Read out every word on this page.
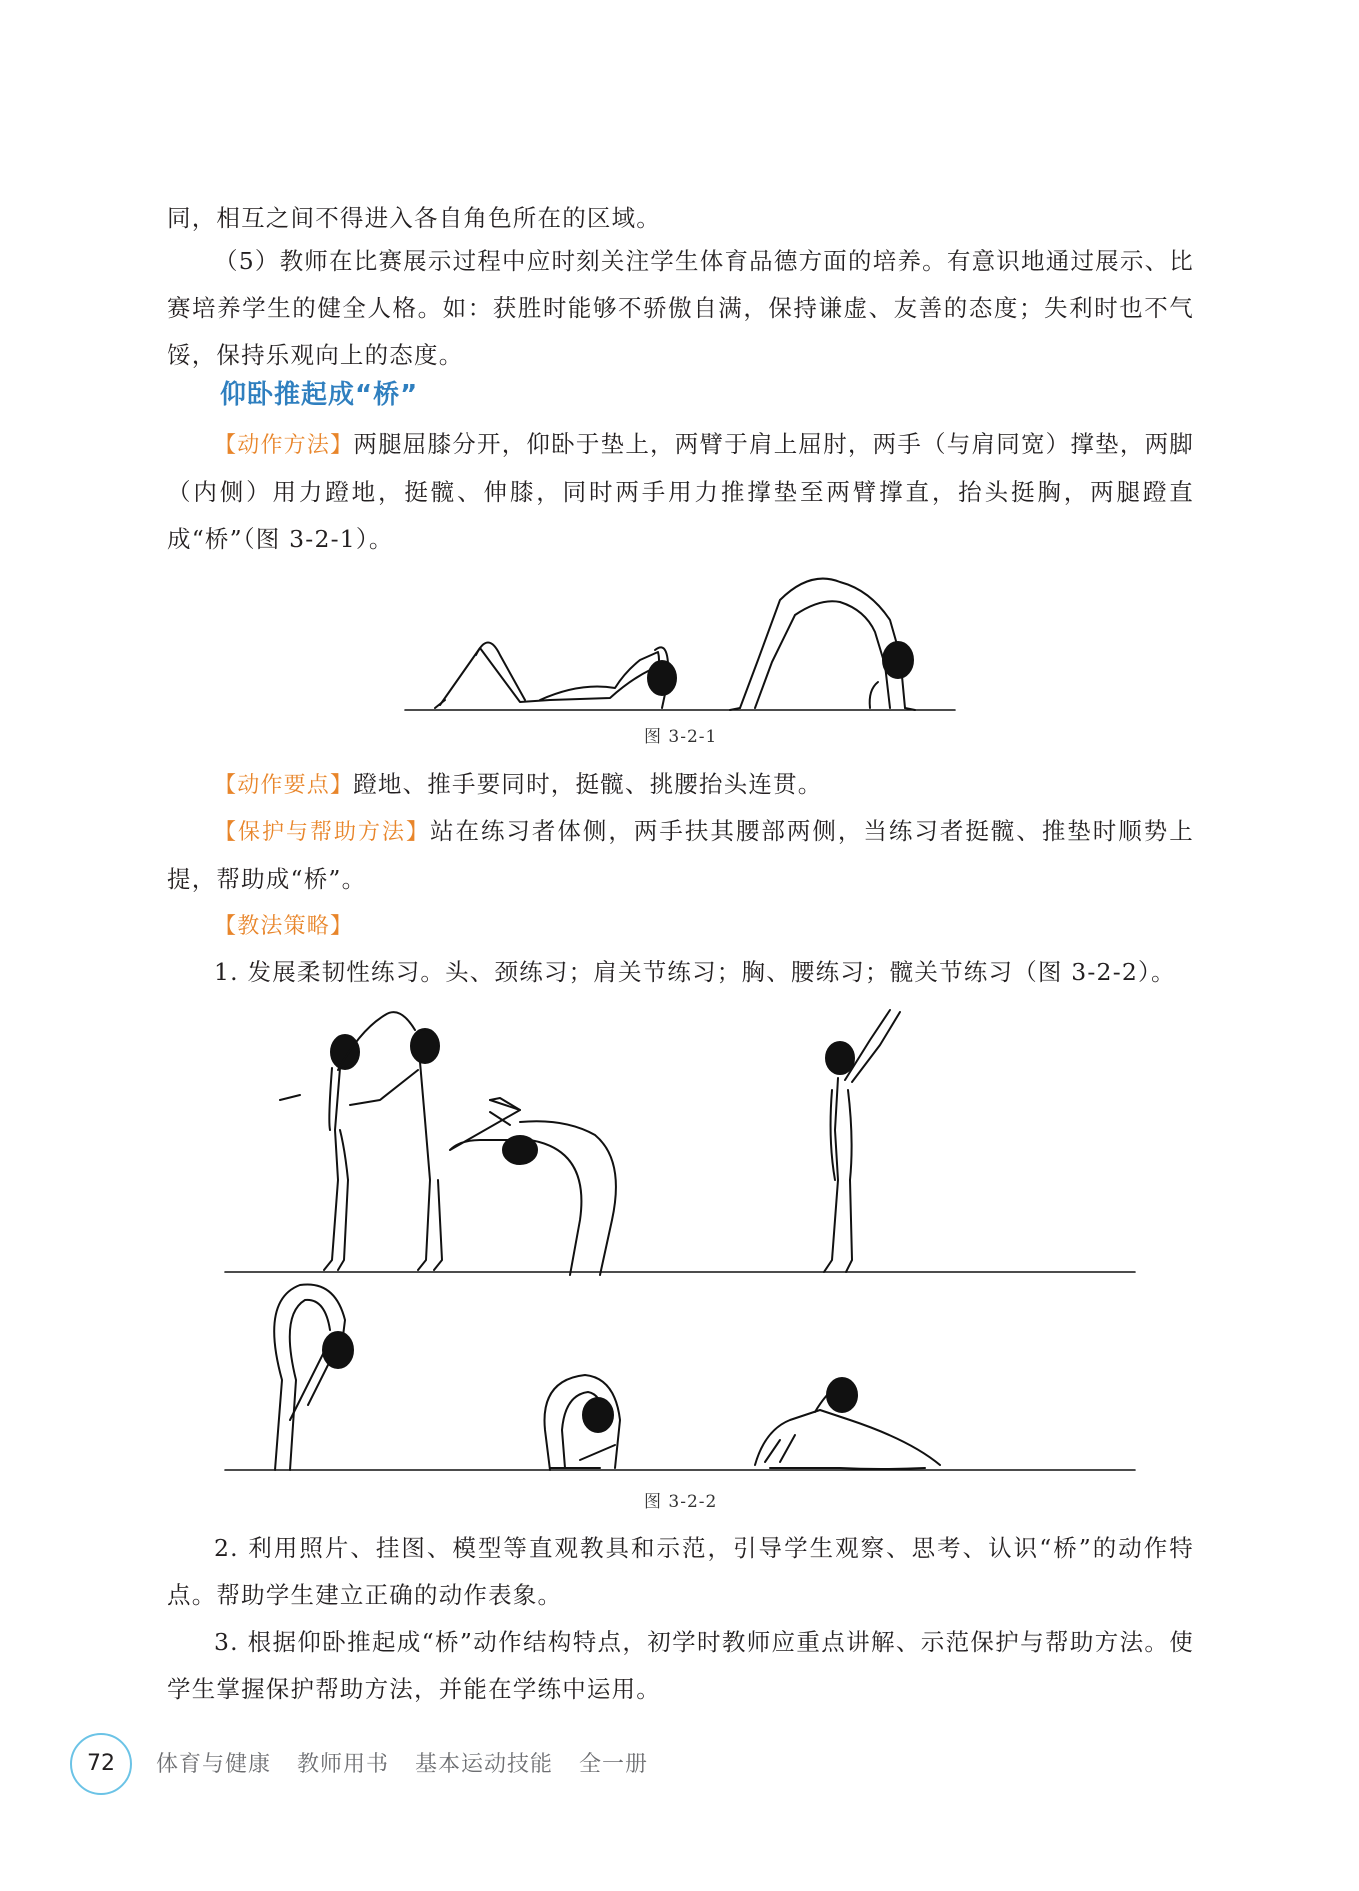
同，相互之间不得进入各自角色所在的区域。

（5）教师在比赛展示过程中应时刻关注学生体育品德方面的培养。有意识地通过展示、比赛培养学生的健全人格。如：获胜时能够不骄傲自满，保持谦虚、友善的态度；失利时也不气馁，保持乐观向上的态度。

仰卧推起成“桥”

【动作方法】两腿屈膝分开，仰卧于垫上，两臂于肩上屈肘，两手（与肩同宽）撑垫，两脚（内侧）用力蹬地，挺髋、伸膝，同时两手用力推撑垫至两臂撑直，抬头挺胸，两腿蹬直成“桥”（图 3-2-1）。

图 3-2-1

【动作要点】蹬地、推手要同时，挺髋、挑腰抬头连贯。

【保护与帮助方法】站在练习者体侧，两手扶其腰部两侧，当练习者挺髋、推垫时顺势上提，帮助成“桥”。

【教法策略】

1. 发展柔韧性练习。头、颈练习；肩关节练习；胸、腰练习；髋关节练习（图 3-2-2）。

图 3-2-2

2. 利用照片、挂图、模型等直观教具和示范，引导学生观察、思考、认识“桥”的动作特点。帮助学生建立正确的动作表象。

3. 根据仰卧推起成“桥”动作结构特点，初学时教师应重点讲解、示范保护与帮助方法。使学生掌握保护帮助方法，并能在学练中运用。

72	体育与健康 教师用书 基本运动技能 全一册
